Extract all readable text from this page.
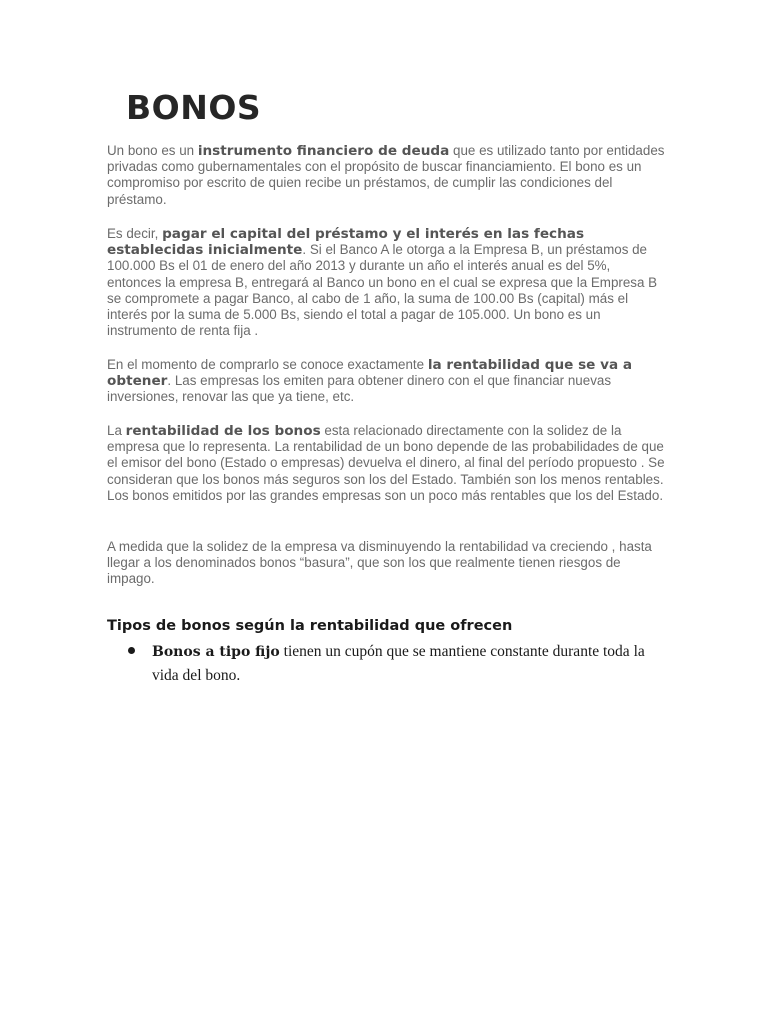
BONOS

Un bono es un instrumento financiero de deuda que es utilizado tanto por entidades privadas como gubernamentales con el propósito de buscar financiamiento. El bono es un compromiso por escrito de quien recibe un préstamos, de cumplir las condiciones del préstamo.

Es decir, pagar el capital del préstamo y el interés en las fechas establecidas inicialmente. Si el Banco A le otorga a la Empresa B, un préstamos de 100.000 Bs el 01 de enero del año 2013 y durante un año el interés anual es del 5%, entonces la empresa B, entregará al Banco un bono en el cual se expresa que la Empresa B se compromete a pagar Banco, al cabo de 1 año, la suma de 100.00 Bs (capital) más el interés por la suma de 5.000 Bs, siendo el total a pagar de 105.000. Un bono es un instrumento de renta fija .

En el momento de comprarlo se conoce exactamente la rentabilidad que se va a obtener. Las empresas los emiten para obtener dinero con el que financiar nuevas inversiones, renovar las que ya tiene, etc.

La rentabilidad de los bonos esta relacionado directamente con la solidez de la empresa que lo representa. La rentabilidad de un bono depende de las probabilidades de que el emisor del bono (Estado o empresas) devuelva el dinero, al final del período propuesto . Se consideran que los bonos más seguros son los del Estado. También son los menos rentables. Los bonos emitidos por las grandes empresas son un poco más rentables que los del Estado.

A medida que la solidez de la empresa va disminuyendo la rentabilidad va creciendo , hasta llegar a los denominados bonos “basura”, que son los que realmente tienen riesgos de impago.

Tipos de bonos según la rentabilidad que ofrecen
Bonos a tipo fijo tienen un cupón que se mantiene constante durante toda la vida del bono.
